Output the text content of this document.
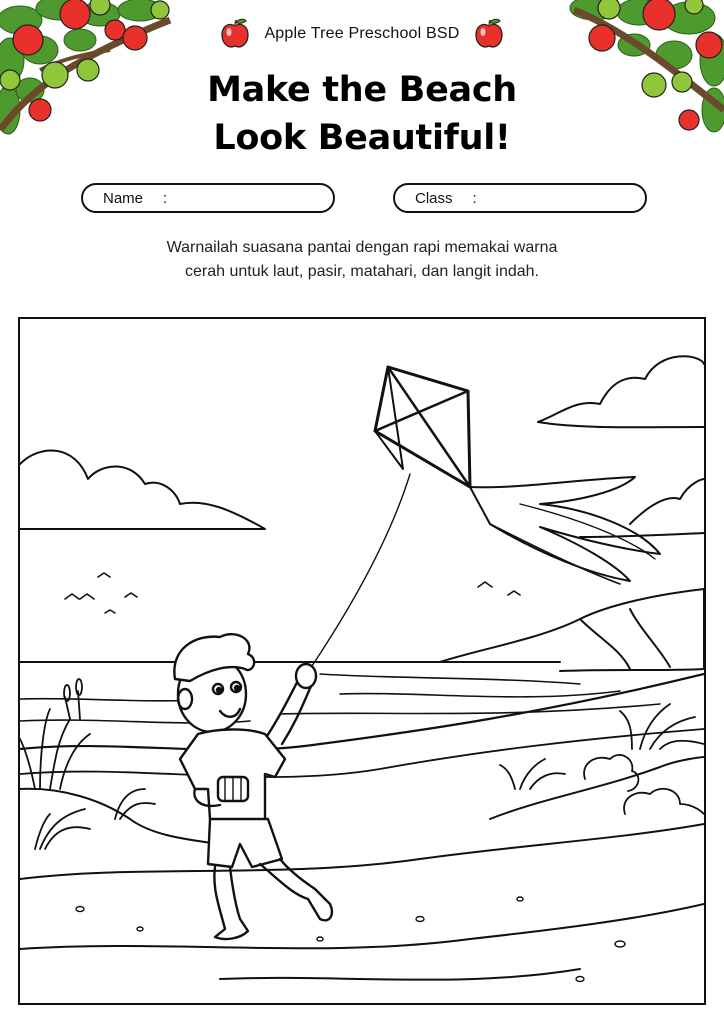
Apple Tree Preschool BSD
Make the Beach
Look Beautiful!
Name :	Class :
Warnailah suasana pantai dengan rapi memakai warna
cerah untuk laut, pasir, matahari, dan langit indah.
